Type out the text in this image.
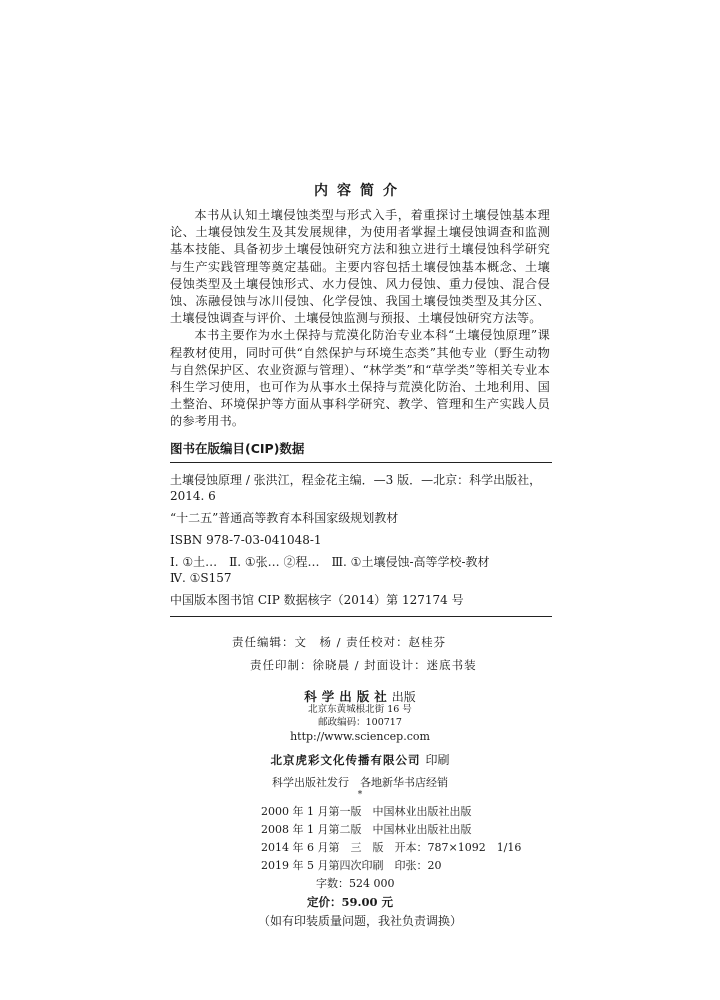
内容简介

本书从认知土壤侵蚀类型与形式入手，着重探讨土壤侵蚀基本理论、土壤侵蚀发生及其发展规律，为使用者掌握土壤侵蚀调查和监测基本技能、具备初步土壤侵蚀研究方法和独立进行土壤侵蚀科学研究与生产实践管理等奠定基础。主要内容包括土壤侵蚀基本概念、土壤侵蚀类型及土壤侵蚀形式、水力侵蚀、风力侵蚀、重力侵蚀、混合侵蚀、冻融侵蚀与冰川侵蚀、化学侵蚀、我国土壤侵蚀类型及其分区、土壤侵蚀调查与评价、土壤侵蚀监测与预报、土壤侵蚀研究方法等。

本书主要作为水土保持与荒漠化防治专业本科“土壤侵蚀原理”课程教材使用，同时可供“自然保护与环境生态类”其他专业（野生动物与自然保护区、农业资源与管理）、“林学类”和“草学类”等相关专业本科生学习使用，也可作为从事水土保持与荒漠化防治、土地利用、国土整治、环境保护等方面从事科学研究、教学、管理和生产实践人员的参考用书。

图书在版编目(CIP)数据
土壤侵蚀原理 / 张洪江，程金花主编．—3 版．—北京：科学出版社，
2014. 6
“十二五”普通高等教育本科国家级规划教材
ISBN 978-7-03-041048-1
Ⅰ. ①土…　Ⅱ. ①张… ②程…　Ⅲ. ①土壤侵蚀-高等学校-教材
Ⅳ. ①S157
中国版本图书馆 CIP 数据核字（2014）第 127174 号
责任编辑：文　杨 / 责任校对：赵桂芬
责任印制：徐晓晨 / 封面设计：迷底书装
科学出版社出版
北京东黄城根北街 16 号
邮政编码：100717
http://www.sciencep.com
北京虎彩文化传播有限公司 印刷
科学出版社发行　各地新华书店经销
*
2000 年 1 月第一版　中国林业出版社出版
2008 年 1 月第二版　中国林业出版社出版
2014 年 6 月第　三　版　开本：787×1092　1/16
2019 年 5 月第四次印刷　印张：20
字数：524 000
定价：59.00 元
（如有印装质量问题，我社负责调换）
